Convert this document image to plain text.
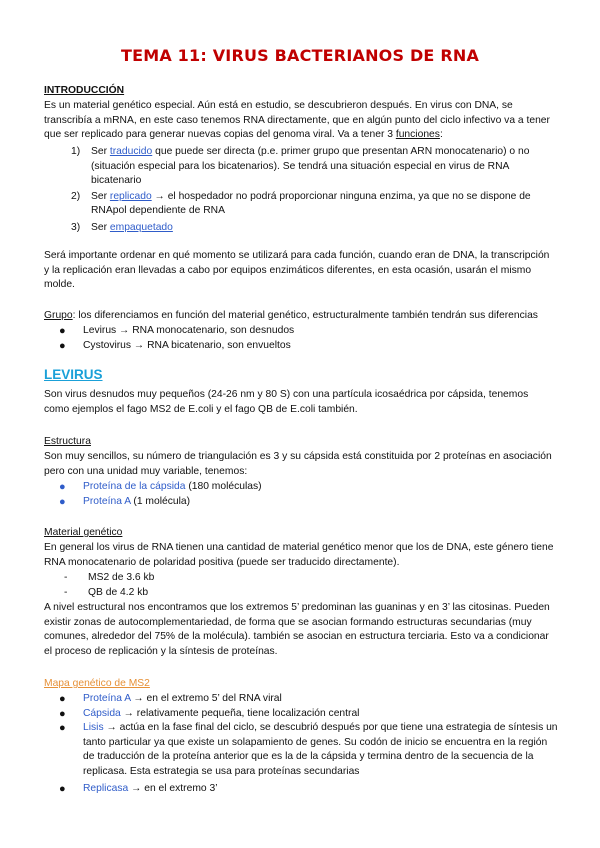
TEMA 11: VIRUS BACTERIANOS DE RNA
INTRODUCCIÓN

Es un material genético especial. Aún está en estudio, se descubrieron después. En virus con DNA, se

transcribía a mRNA, en este caso tenemos RNA directamente, que en algún punto del ciclo infectivo va a tener

que ser replicado para generar nuevas copias del genoma viral. Va a tener 3 funciones:

1) Ser traducido que puede ser directa (p.e. primer grupo que presentan ARN monocatenario) o no

(situación especial para los bicatenarios). Se tendrá una situación especial en virus de RNA

bicatenario

2) Ser replicado → el hospedador no podrá proporcionar ninguna enzima, ya que no se dispone de

RNApol dependiente de RNA

3) Ser empaquetado

Será importante ordenar en qué momento se utilizará para cada función, cuando eran de DNA, la transcripción

y la replicación eran llevadas a cabo por equipos enzimáticos diferentes, en esta ocasión, usarán el mismo

molde.

Grupo: los diferenciamos en función del material genético, estructuralmente también tendrán sus diferencias
● Levirus → RNA monocatenario, son desnudos
● Cystovirus → RNA bicatenario, son envueltos
LEVIRUS

Son virus desnudos muy pequeños (24-26 nm y 80 S) con una partícula icosaédrica por cápsida, tenemos

como ejemplos el fago MS2 de E.coli y el fago QB de E.coli también.

Estructura

Son muy sencillos, su número de triangulación es 3 y su cápsida está constituida por 2 proteínas en asociación

pero con una unidad muy variable, tenemos:

● Proteína de la cápsida (180 moléculas)
● Proteína A (1 molécula)
Material genético

En general los virus de RNA tienen una cantidad de material genético menor que los de DNA, este género tiene

RNA monocatenario de polaridad positiva (puede ser traducido directamente).

- MS2 de 3.6 kb
- QB de 4.2 kb

A nivel estructural nos encontramos que los extremos 5’ predominan las guaninas y en 3’ las citosinas. Pueden

existir zonas de autocomplementariedad, de forma que se asocian formando estructuras secundarias (muy

comunes, alrededor del 75% de la molécula). también se asocian en estructura terciaria. Esto va a condicionar

el proceso de replicación y la síntesis de proteínas.

Mapa genético de MS2
● Proteína A → en el extremo 5’ del RNA viral
● Cápsida → relativamente pequeña, tiene localización central
● Lisis → actúa en la fase final del ciclo, se descubrió después por que tiene una estrategia de síntesis un

tanto particular ya que existe un solapamiento de genes. Su codón de inicio se encuentra en la región

de traducción de la proteína anterior que es la de la cápsida y termina dentro de la secuencia de la

replicasa. Esta estrategia se usa para proteínas secundarias

● Replicasa → en el extremo 3’
